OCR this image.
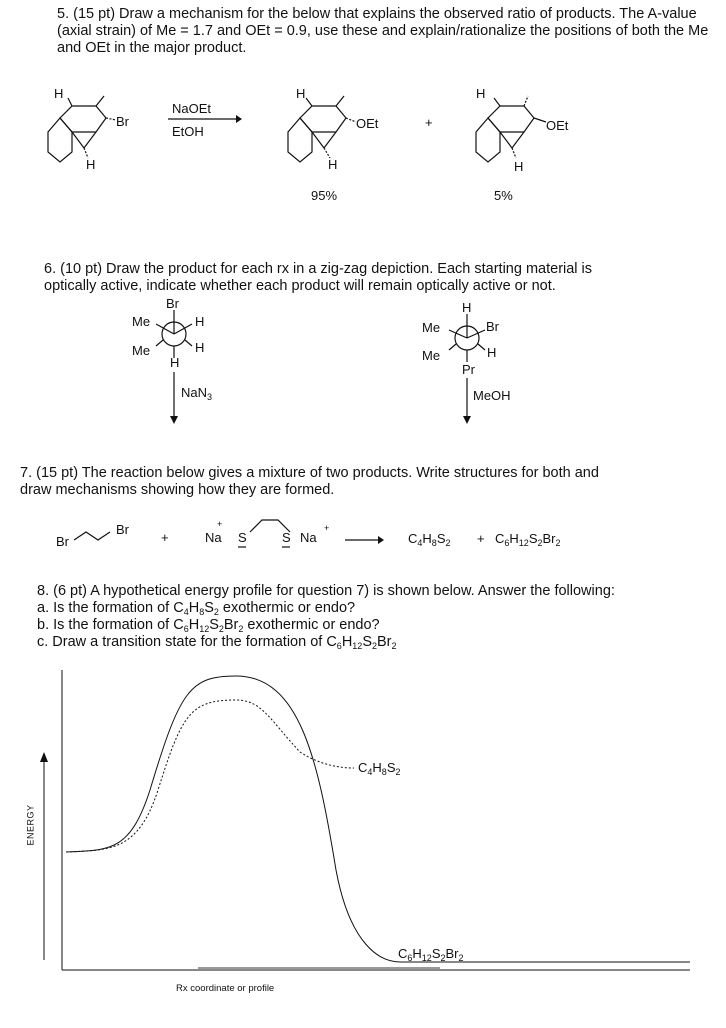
5. (15 pt) Draw a mechanism for the below that explains the observed ratio of products. The A-value
(axial strain) of Me = 1.7 and OEt = 0.9, use these and explain/rationalize the positions of both the Me
and OEt in the major product.
H
Br
H
NaOEt
EtOH
H
OEt
H
+
H
OEt
H
95%	5%
6. (10 pt) Draw the product for each rx in a zig-zag depiction. Each starting material is
optically active, indicate whether each product will remain optically active or not.
Br
Me	H
Me	H
H
NaN$_3$
H
Me	Br
Me	H
Pr
MeOH
7. (15 pt) The reaction below gives a mixture of two products. Write structures for both and
draw mechanisms showing how they are formed.
Br
Br
+
+
Na S	S Na
+
$C_4H_8S_2 + C_6H_{12}S_2Br_2$
8. (6 pt) A hypothetical energy profile for question 7) is shown below. Answer the following:
a. Is the formation of $C_4H_8S_2$ exothermic or endo?
b. Is the formation of $C_6H_{12}S_2Br_2$ exothermic or endo?
c. Draw a transition state for the formation of $C_6H_{12}S_2Br_2$
ENERGY
$C_4H_8S_2$
$C_6H_{12}S_2Br_2$
Rx coordinate or profile
